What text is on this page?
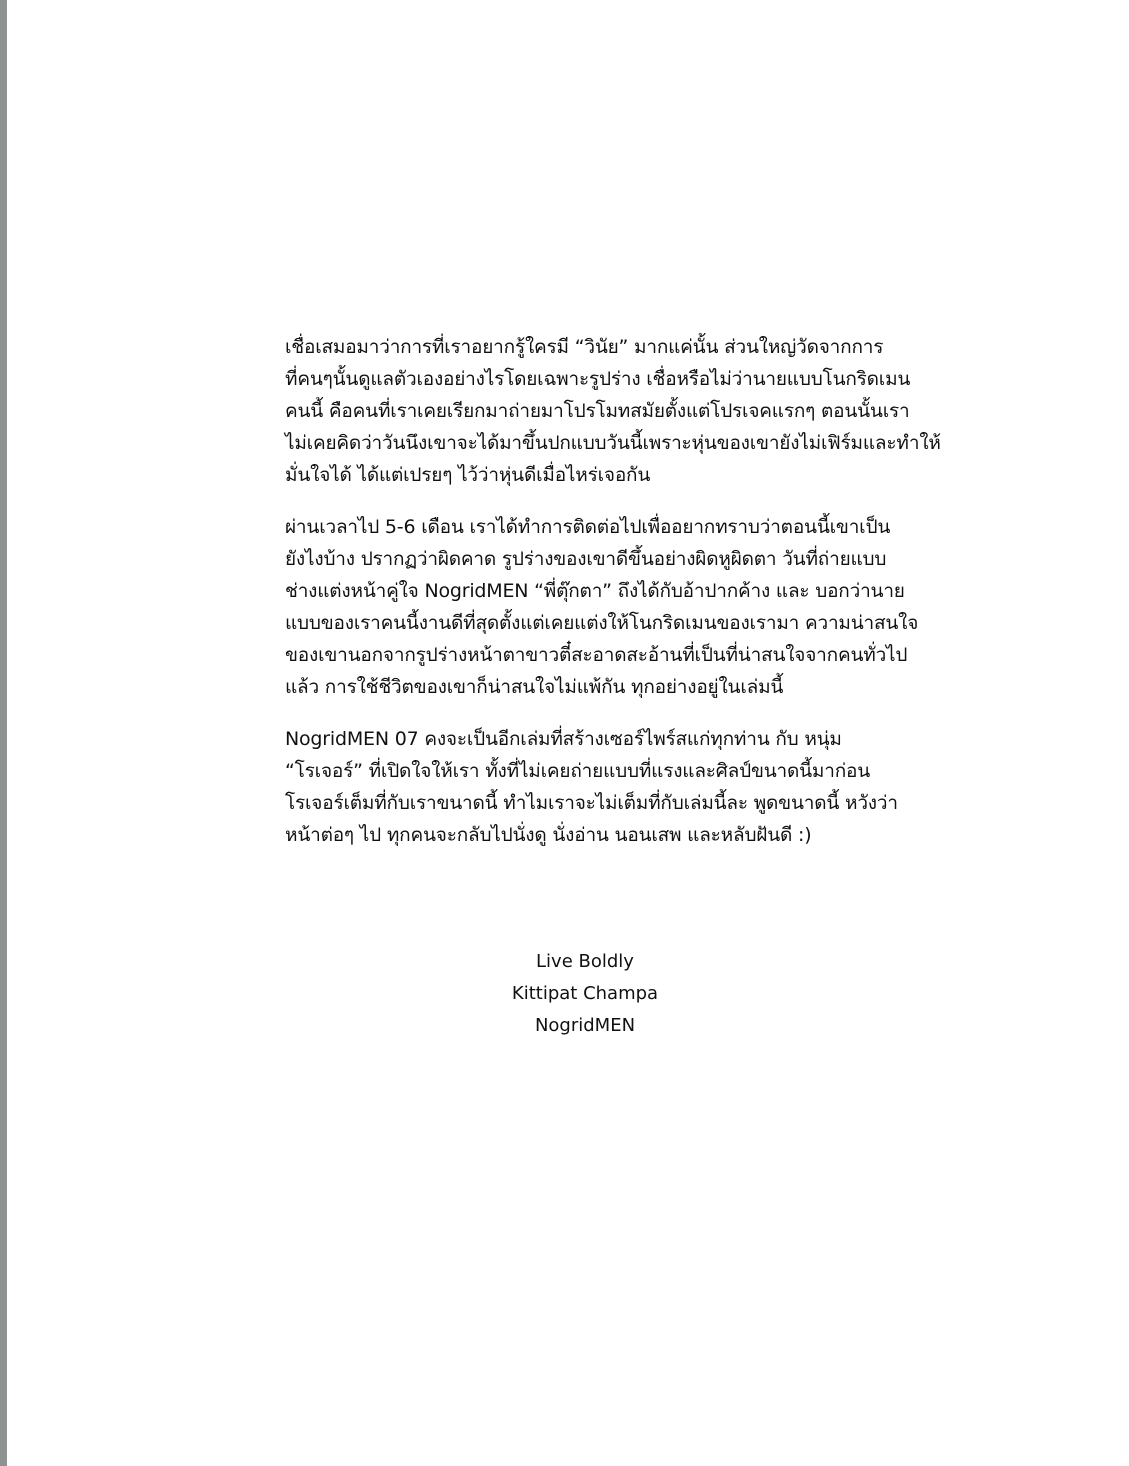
เชื่อเสมอมาว่าการที่เราอยากรู้ใครมี “วินัย” มากแค่นั้น ส่วนใหญ่วัดจากการ
ที่คนๆนั้นดูแลตัวเองอย่างไรโดยเฉพาะรูปร่าง เชื่อหรือไม่ว่านายแบบโนกริดเมน
คนนี้ คือคนที่เราเคยเรียกมาถ่ายมาโปรโมทสมัยตั้งแต่โปรเจคแรกๆ ตอนนั้นเรา
ไม่เคยคิดว่าวันนึงเขาจะได้มาขึ้นปกแบบวันนี้เพราะหุ่นของเขายังไม่เฟิร์มและทำให้
มั่นใจได้ ได้แต่เปรยๆ ไว้ว่าหุ่นดีเมื่อไหร่เจอกัน
ผ่านเวลาไป 5-6 เดือน เราได้ทำการติดต่อไปเพื่ออยากทราบว่าตอนนี้เขาเป็น
ยังไงบ้าง ปรากฏว่าผิดคาด รูปร่างของเขาดีขึ้นอย่างผิดหูผิดตา วันที่ถ่ายแบบ
ช่างแต่งหน้าคู่ใจ NogridMEN “พี่ตุ๊กตา” ถึงได้กับอ้าปากค้าง และ บอกว่านาย
แบบของเราคนนี้งานดีที่สุดตั้งแต่เคยแต่งให้โนกริดเมนของเรามา ความน่าสนใจ
ของเขานอกจากรูปร่างหน้าตาขาวตี๋สะอาดสะอ้านที่เป็นที่น่าสนใจจากคนทั่วไป
แล้ว การใช้ชีวิตของเขาก็น่าสนใจไม่แพ้กัน ทุกอย่างอยู่ในเล่มนี้
NogridMEN 07 คงจะเป็นอีกเล่มที่สร้างเซอร์ไพร์สแก่ทุกท่าน กับ หนุ่ม
“โรเจอร์” ที่เปิดใจให้เรา ทั้งที่ไม่เคยถ่ายแบบที่แรงและศิลป์ขนาดนี้มาก่อน
โรเจอร์เต็มที่กับเราขนาดนี้ ทำไมเราจะไม่เต็มที่กับเล่มนี้ละ พูดขนาดนี้ หวังว่า
หน้าต่อๆ ไป ทุกคนจะกลับไปนั่งดู นั่งอ่าน นอนเสพ และหลับฝันดี :)
Live Boldly
Kittipat Champa
NogridMEN
